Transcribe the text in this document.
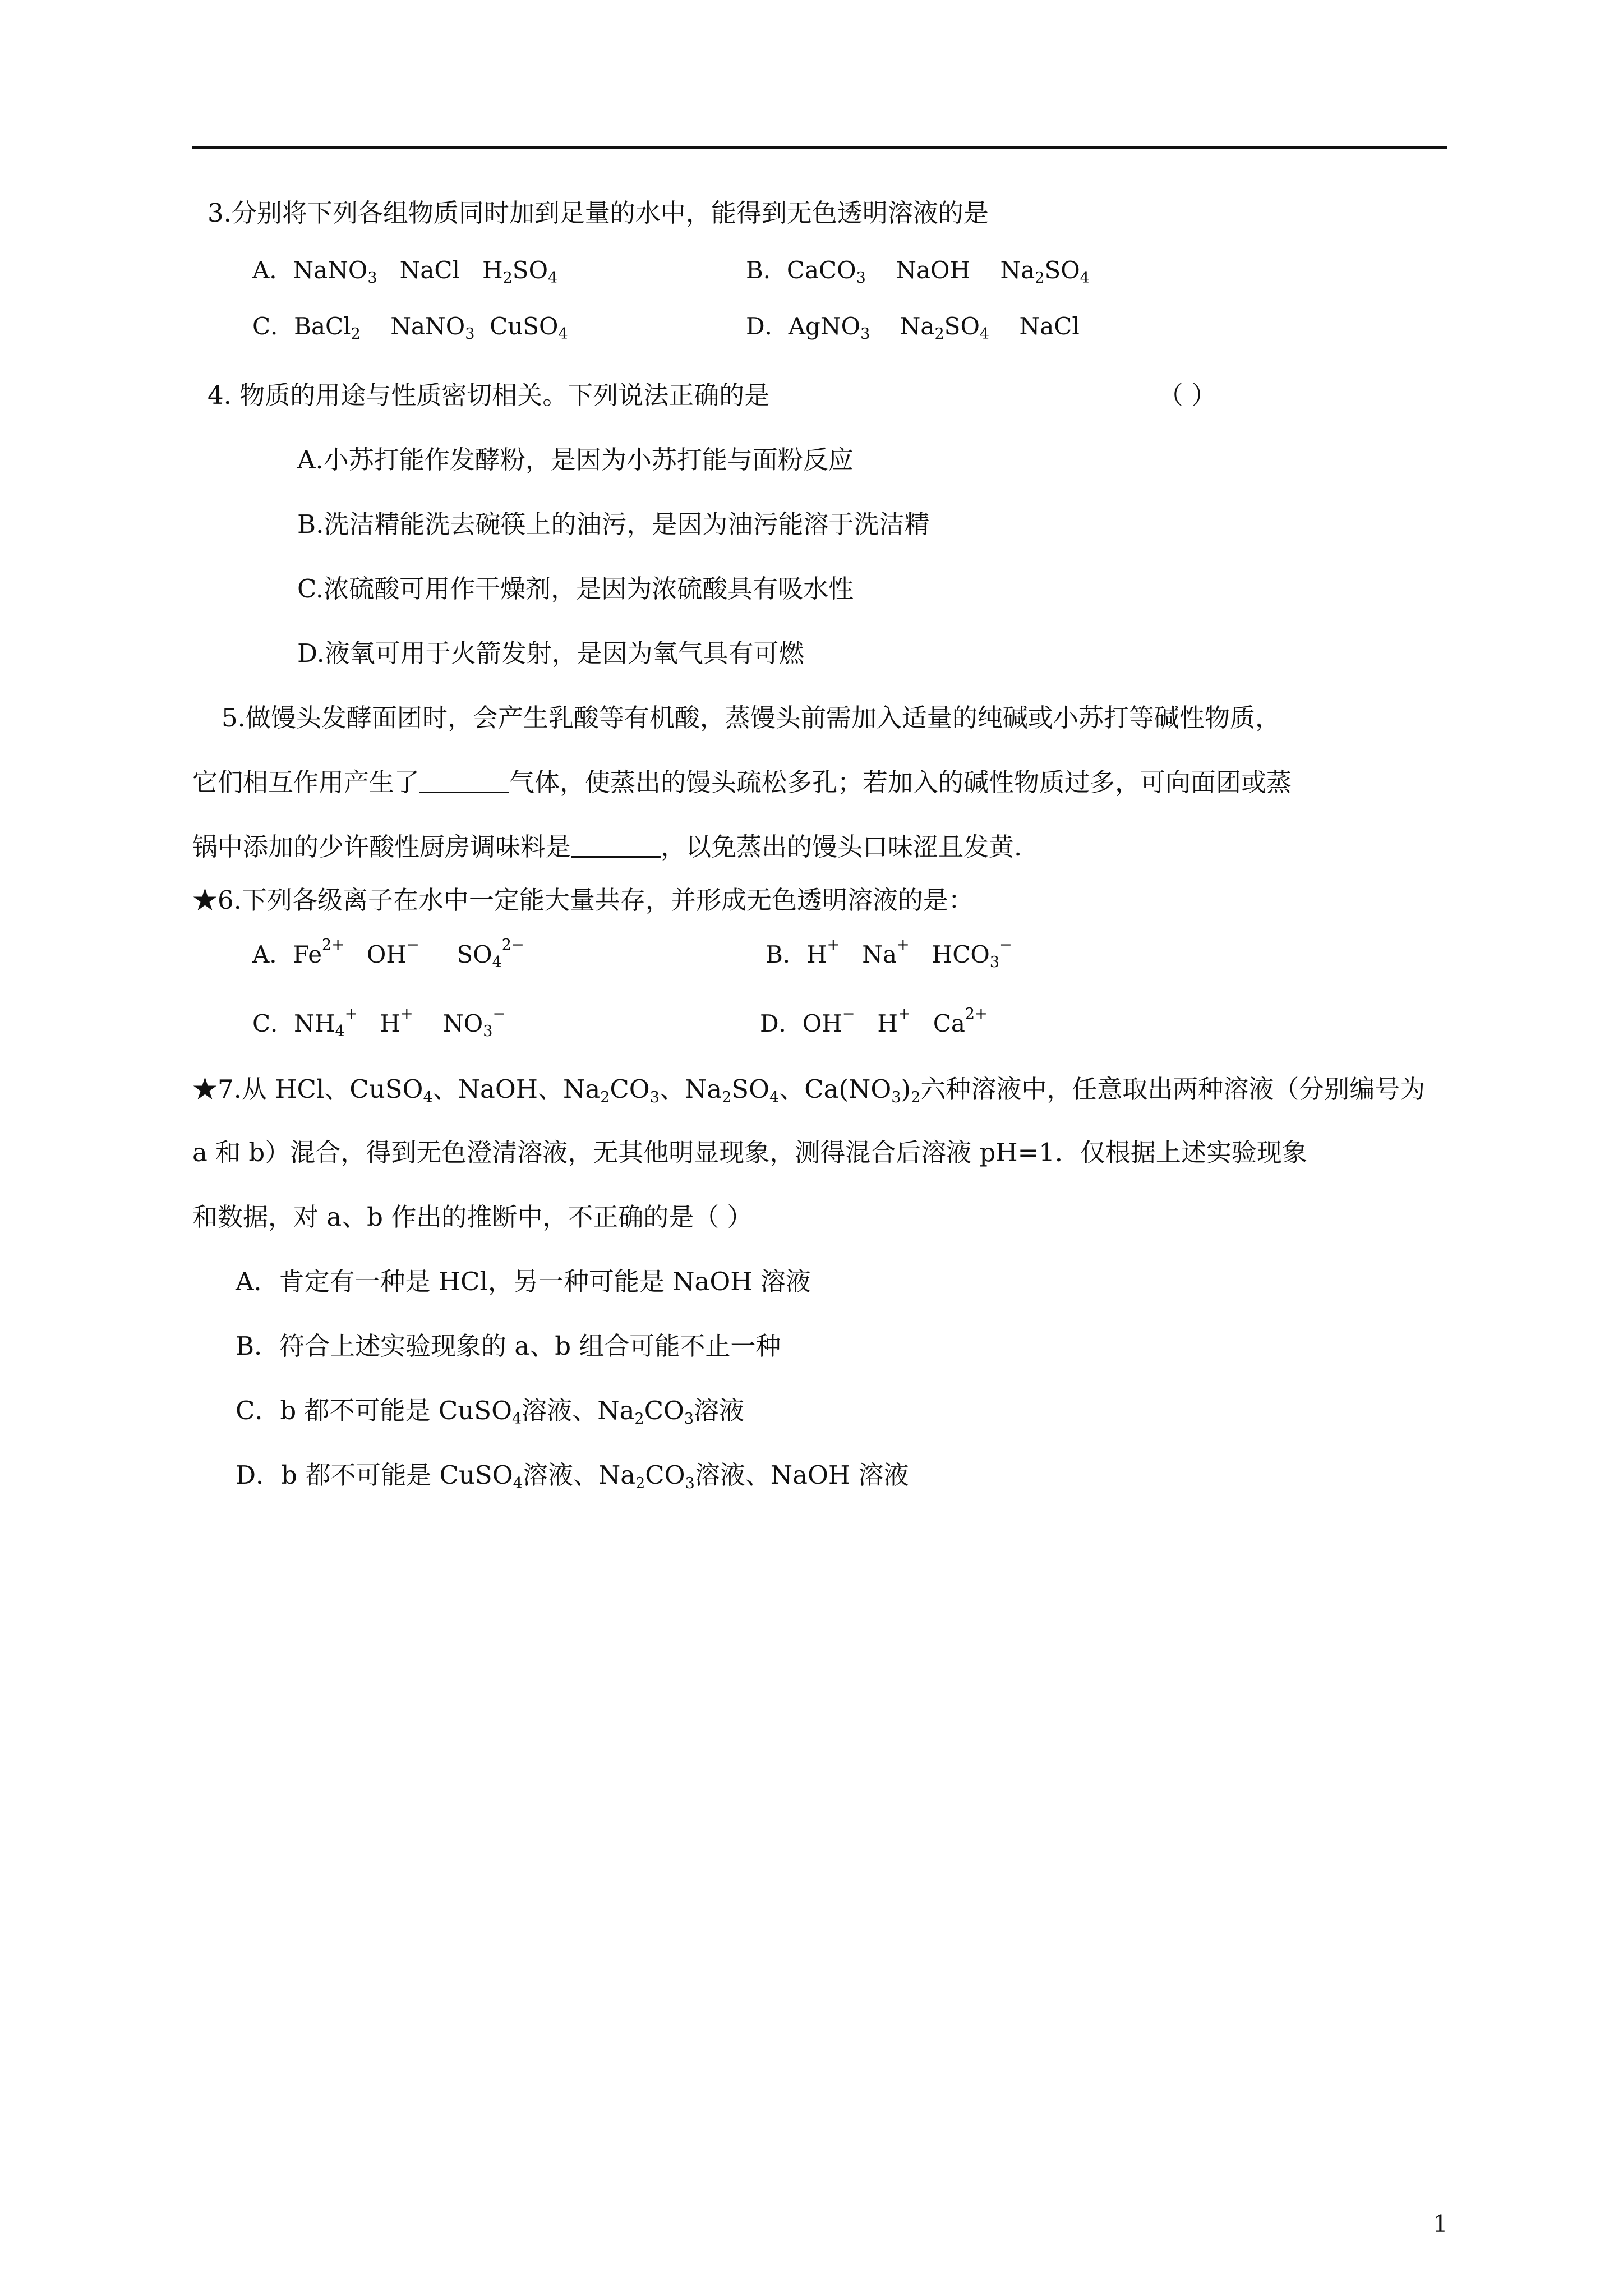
3.分别将下列各组物质同时加到足量的水中，能得到无色透明溶液的是
A．NaNO$_3$   NaCl   $H_2SO_4$	B．CaCO$_3$    NaOH    $Na_2SO_4$
C．BaCl$_2$    NaNO$_3$  CuSO$_4$	D．AgNO$_3$    $Na_2SO_4$    NaCl
4. 物质的用途与性质密切相关。下列说法正确的是	（ ）
A.小苏打能作发酵粉，是因为小苏打能与面粉反应
B.洗洁精能洗去碗筷上的油污，是因为油污能溶于洗洁精
C.浓硫酸可用作干燥剂，是因为浓硫酸具有吸水性
D.液氧可用于火箭发射，是因为氧气具有可燃
5.做馒头发酵面团时，会产生乳酸等有机酸，蒸馒头前需加入适量的纯碱或小苏打等碱性物质，
它们相互作用产生了	气体，使蒸出的馒头疏松多孔；若加入的碱性物质过多，可向面团或蒸
锅中添加的少许酸性厨房调味料是	，以免蒸出的馒头口味涩且发黄.
★6.下列各级离子在水中一定能大量共存，并形成无色透明溶液的是：
A．$Fe^{2+}$   OH−     $SO_4^{2-}$	B．H+   Na+   $HCO_3^-$
C．$NH_4^+$   H+    $NO_3^-$	D．OH−   H+   $Ca^{2+}$
★7.从 HCl、CuSO$_4$、NaOH、$Na_2CO_3$、$Na_2SO_4$、$Ca(NO_3)_2$六种溶液中，任意取出两种溶液（分别编号为
a 和 b）混合，得到无色澄清溶液，无其他明显现象，测得混合后溶液 pH=1．仅根据上述实验现象
和数据，对 a、b 作出的推断中，不正确的是（ ）
A．肯定有一种是 HCl，另一种可能是 NaOH 溶液
B．符合上述实验现象的 a、b 组合可能不止一种
C．b 都不可能是 CuSO$_4$溶液、$Na_2CO_3$溶液
D．b 都不可能是 CuSO$_4$溶液、$Na_2CO_3$溶液、NaOH 溶液
1
